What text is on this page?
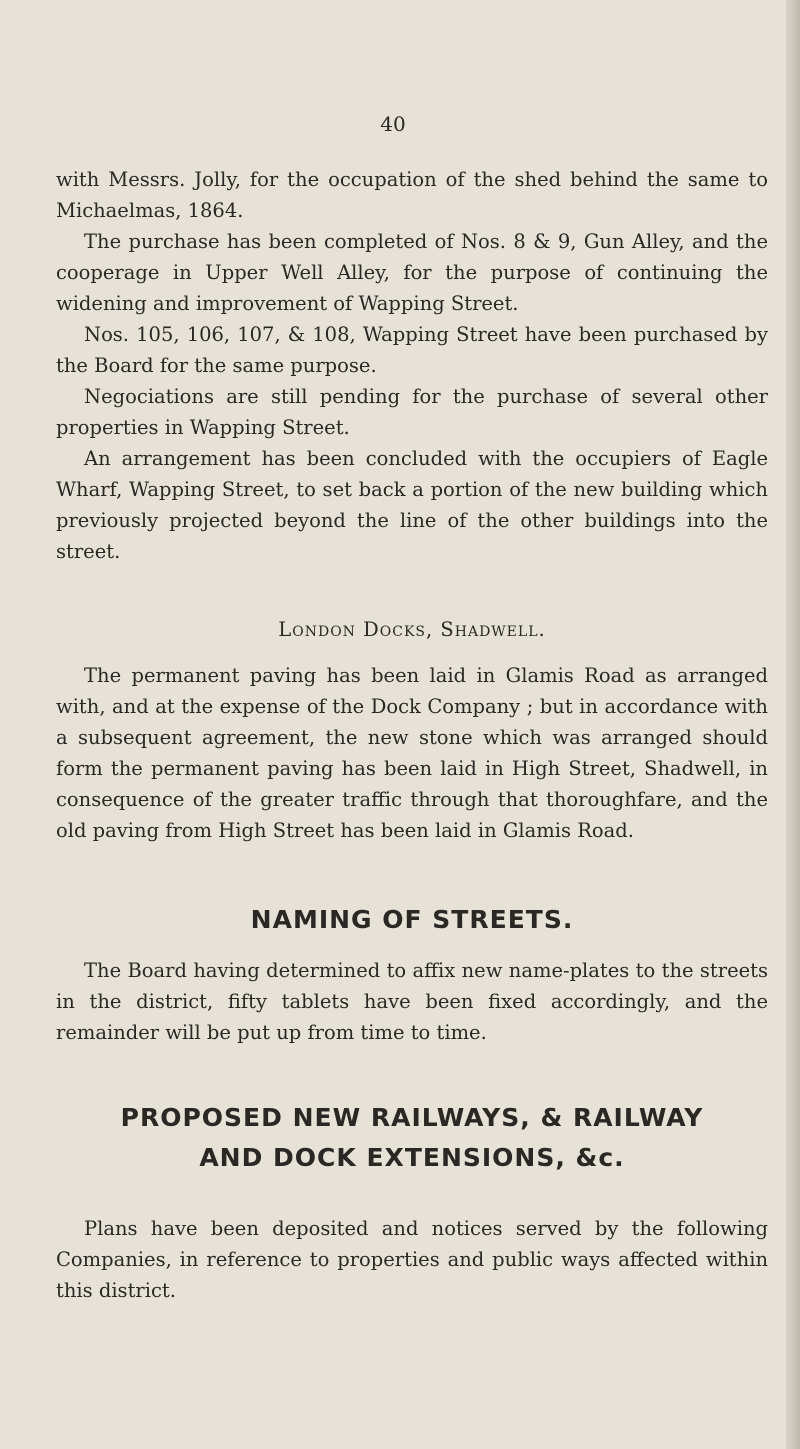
40

with Messrs. Jolly, for the occupation of the shed behind the same to Michaelmas, 1864.

The purchase has been completed of Nos. 8 & 9, Gun Alley, and the cooperage in Upper Well Alley, for the purpose of continuing the widening and improvement of Wapping Street.

Nos. 105, 106, 107, & 108, Wapping Street have been purchased by the Board for the same purpose.

Negociations are still pending for the purchase of several other properties in Wapping Street.

An arrangement has been concluded with the occupiers of Eagle Wharf, Wapping Street, to set back a portion of the new building which previously projected beyond the line of the other buildings into the street.

London Docks, Shadwell.

The permanent paving has been laid in Glamis Road as arranged with, and at the expense of the Dock Company ; but in accordance with a subsequent agreement, the new stone which was arranged should form the permanent paving has been laid in High Street, Shadwell, in consequence of the greater traffic through that thoroughfare, and the old paving from High Street has been laid in Glamis Road.

NAMING OF STREETS.

The Board having determined to affix new name-plates to the streets in the district, fifty tablets have been fixed accordingly, and the remainder will be put up from time to time.

PROPOSED NEW RAILWAYS, & RAILWAY
AND DOCK EXTENSIONS, &c.

Plans have been deposited and notices served by the following Companies, in reference to properties and public ways affected within this district.
